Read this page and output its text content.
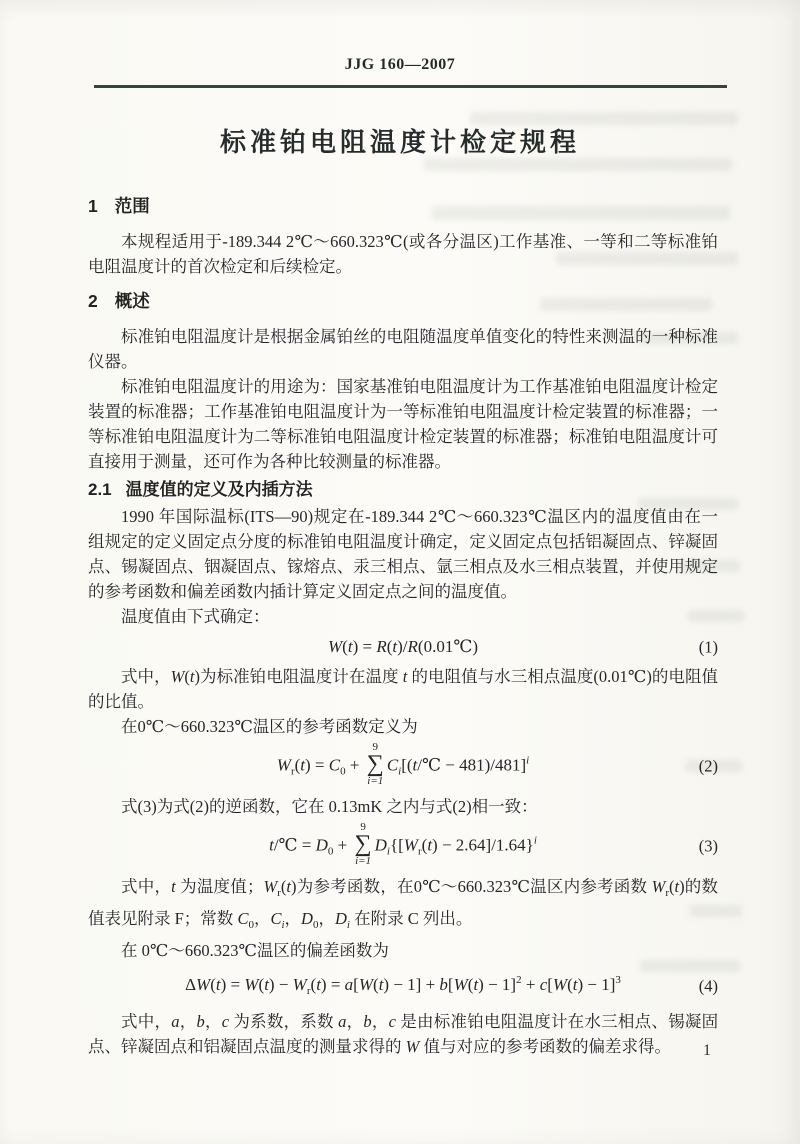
JJG 160—2007
标准铂电阻温度计检定规程
1 范围

本规程适用于-189.344 2℃～660.323℃(或各分温区)工作基准、一等和二等标准铂电阻温度计的首次检定和后续检定。

2 概述

标准铂电阻温度计是根据金属铂丝的电阻随温度单值变化的特性来测温的一种标准仪器。

标准铂电阻温度计的用途为：国家基准铂电阻温度计为工作基准铂电阻温度计检定装置的标准器；工作基准铂电阻温度计为一等标准铂电阻温度计检定装置的标准器；一等标准铂电阻温度计为二等标准铂电阻温度计检定装置的标准器；标准铂电阻温度计可直接用于测量，还可作为各种比较测量的标准器。

2.1 温度值的定义及内插方法

1990 年国际温标(ITS—90)规定在-189.344 2℃～660.323℃温区内的温度值由在一组规定的定义固定点分度的标准铂电阻温度计确定，定义固定点包括铝凝固点、锌凝固点、锡凝固点、铟凝固点、镓熔点、汞三相点、氩三相点及水三相点装置，并使用规定的参考函数和偏差函数内插计算定义固定点之间的温度值。

温度值由下式确定：

W(t) = R(t)/R(0.01℃)	(1)

式中，W(t)为标准铂电阻温度计在温度 t 的电阻值与水三相点温度(0.01℃)的电阻值的比值。

在0℃～660.323℃温区的参考函数定义为

$W_r(t) = C_0$ +
9
∑
i=1
$C_i[(t/℃ - 481)/481]^i$	(2)

式(3)为式(2)的逆函数，它在 0.13mK 之内与式(2)相一致：

t/℃ = $D_0$ +
9
∑
i=1
$D_i\{[W_r(t) - 2.64]/1.64\}^i$	(3)

式中，t 为温度值；$W_r(t)$为参考函数，在0℃～660.323℃温区内参考函数 $W_r(t)$的数值表见附录 F；常数 $C_0$，$C_i$，$D_0$，$D_i$ 在附录 C 列出。

在 0℃～660.323℃温区的偏差函数为

$\Delta W(t) = W(t) - W_r(t) = a[W(t) - 1] + b[W(t) - 1]^2 + c[W(t) - 1]^3$	(4)

式中，a，b，c 为系数，系数 a，b，c 是由标准铂电阻温度计在水三相点、锡凝固点、锌凝固点和铝凝固点温度的测量求得的 W 值与对应的参考函数的偏差求得。	1
